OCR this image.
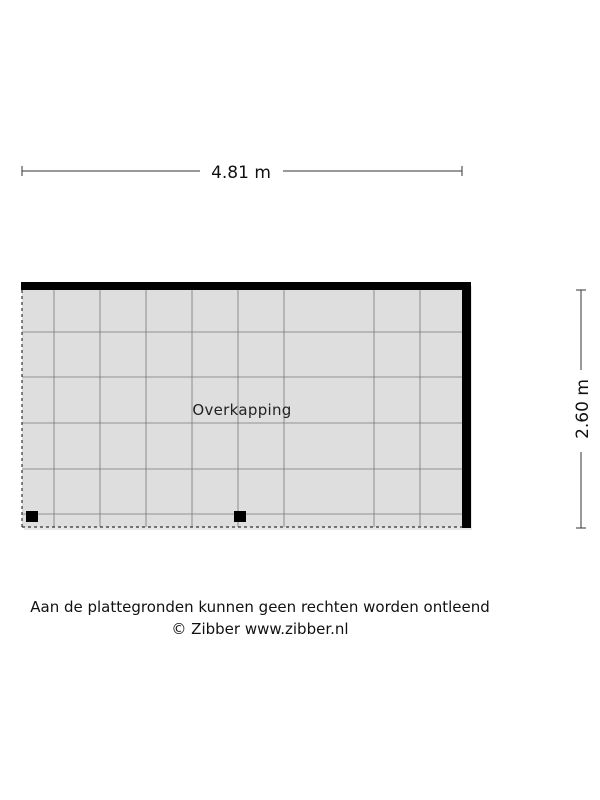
4.81 m
2.60 m
Overkapping
Aan de plattegronden kunnen geen rechten worden ontleend
© Zibber www.zibber.nl
